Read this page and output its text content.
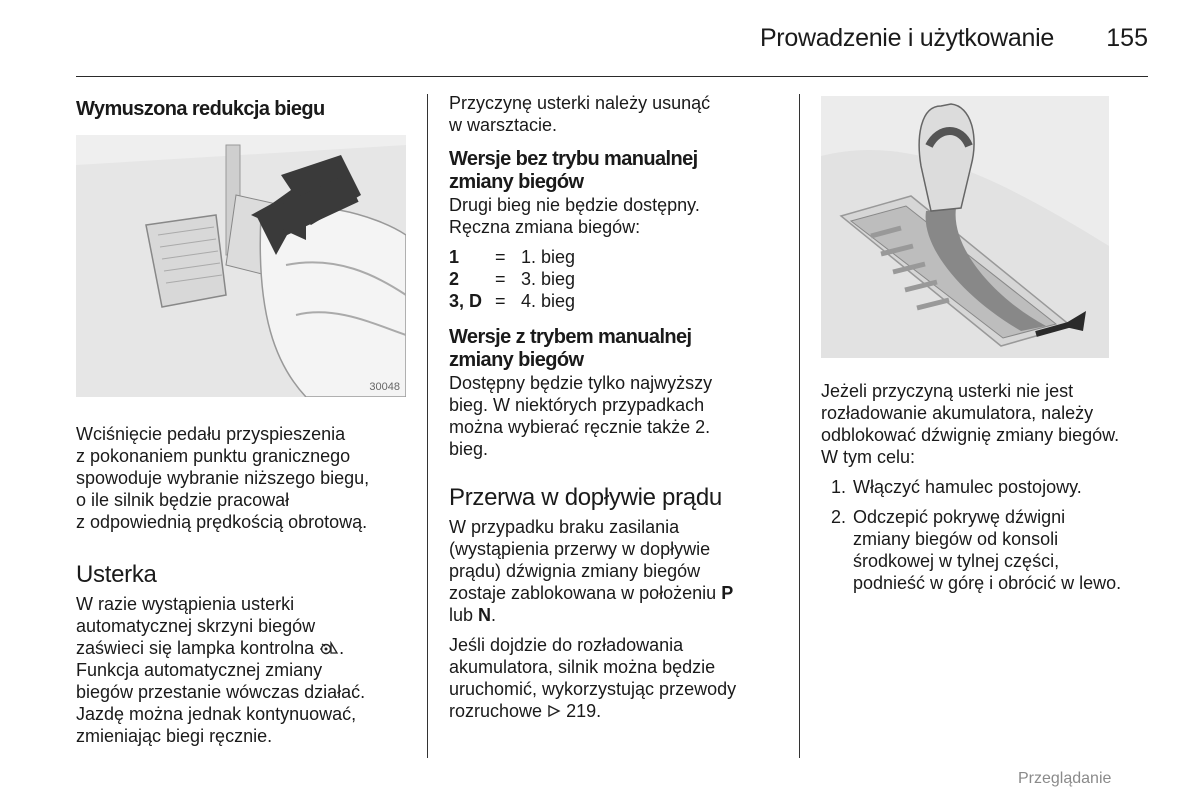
Prowadzenie i użytkowanie 155
Wymuszona redukcja biegu
30048
Wciśnięcie pedału przyspieszenia
z pokonaniem punktu granicznego
spowoduje wybranie niższego biegu,
o ile silnik będzie pracował
z odpowiednią prędkością obrotową.
Usterka
W razie wystąpienia usterki
automatycznej skrzyni biegów
zaświeci się lampka kontrolna .
Funkcja automatycznej zmiany
biegów przestanie wówczas działać.
Jazdę można jednak kontynuować,
zmieniając biegi ręcznie.
Przyczynę usterki należy usunąć
w warsztacie.
Wersje bez trybu manualnej
zmiany biegów
Drugi bieg nie będzie dostępny.
Ręczna zmiana biegów:
1	=	1. bieg
2	=	3. bieg
3, D	=	4. bieg
Wersje z trybem manualnej
zmiany biegów
Dostępny będzie tylko najwyższy
bieg. W niektórych przypadkach
można wybierać ręcznie także 2.
bieg.
Przerwa w dopływie prądu
W przypadku braku zasilania
(wystąpienia przerwy w dopływie
prądu) dźwignia zmiany biegów
zostaje zablokowana w położeniu P
lub N.
Jeśli dojdzie do rozładowania
akumulatora, silnik można będzie
uruchomić, wykorzystując przewody
rozruchowe 219.
Jeżeli przyczyną usterki nie jest
rozładowanie akumulatora, należy
odblokować dźwignię zmiany biegów.
W tym celu:
1. Włączyć hamulec postojowy.
2. Odczepić pokrywę dźwigni
zmiany biegów od konsoli
środkowej w tylnej części,
podnieść w górę i obrócić w lewo.
Przeglądanie
